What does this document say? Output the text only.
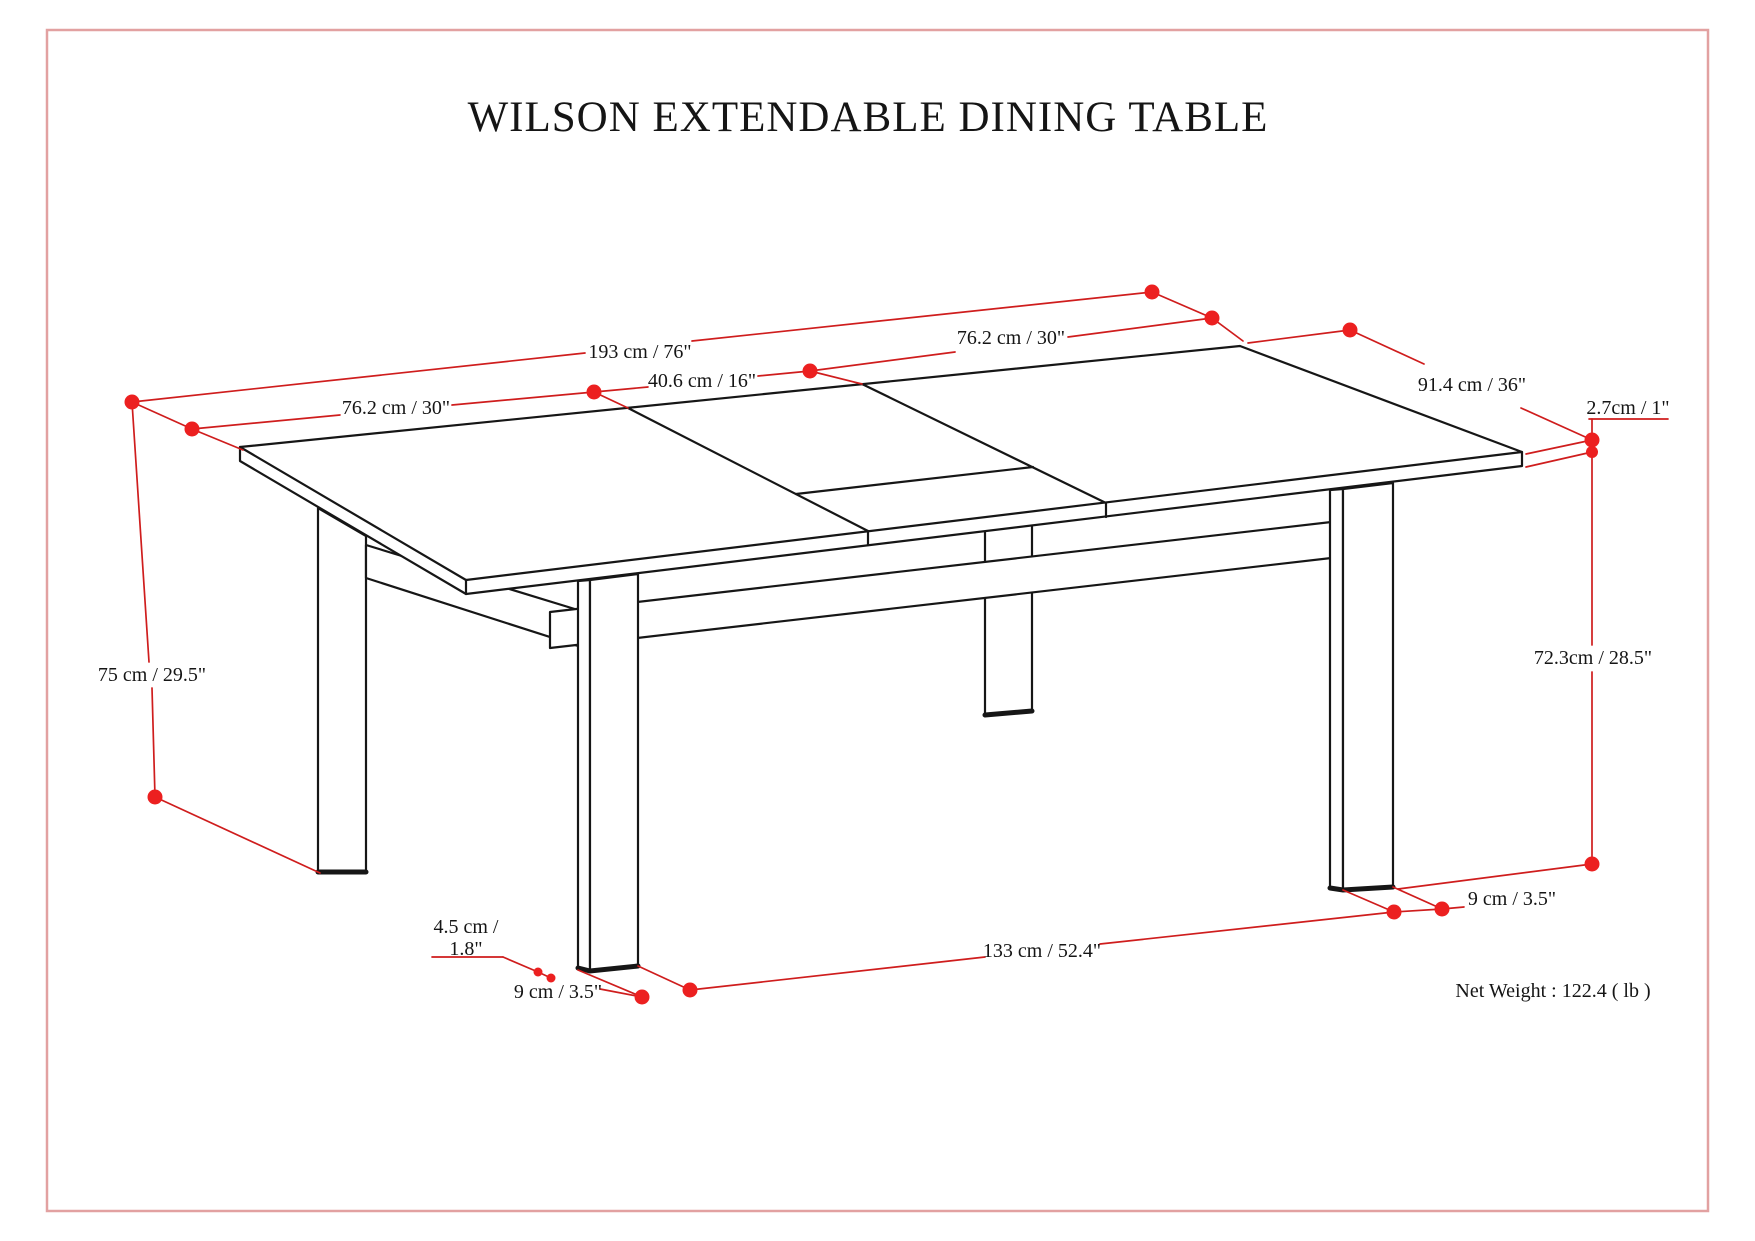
WILSON EXTENDABLE DINING TABLE
193 cm / 76"
76.2 cm / 30"
40.6 cm / 16"
76.2 cm / 30"
91.4 cm / 36"
2.7cm / 1"
75 cm / 29.5"
72.3cm / 28.5"
9 cm / 3.5"
133 cm / 52.4"
4.5 cm /
1.8"
9 cm / 3.5"	Net Weight : 122.4 ( lb )
